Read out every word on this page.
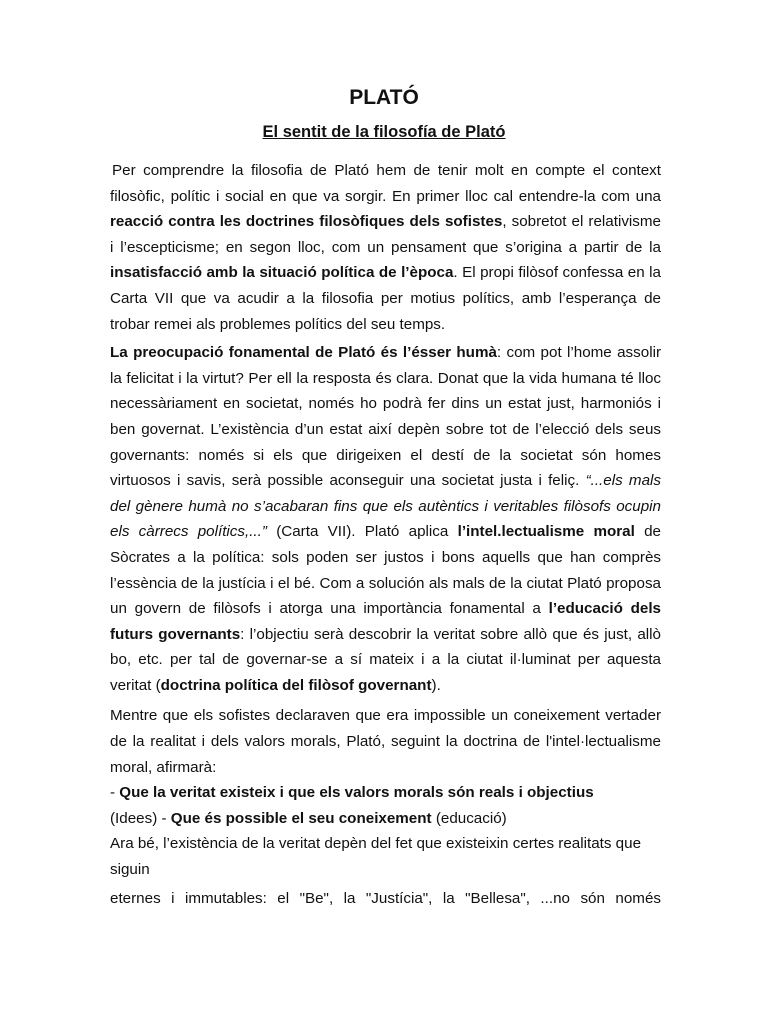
PLATÓ
El sentit de la filosofía de Plató

Per comprendre la filosofia de Plató hem de tenir molt en compte el context filosòfic, polític i social en que va sorgir. En primer lloc cal entendre-la com una reacció contra les doctrines filosòfiques dels sofistes, sobretot el relativisme i l’escepticisme; en segon lloc, com un pensament que s’origina a partir de la insatisfacció amb la situació política de l’època. El propi filòsof confessa en la Carta VII que va acudir a la filosofia per motius polítics, amb l’esperança de trobar remei als problemes polítics del seu temps.

La preocupació fonamental de Plató és l’ésser humà: com pot l’home assolir la felicitat i la virtut? Per ell la resposta és clara. Donat que la vida humana té lloc necessàriament en societat, només ho podrà fer dins un estat just, harmoniós i ben governat. L’existència d’un estat així depèn sobre tot de l’elecció dels seus governants: només si els que dirigeixen el destí de la societat són homes virtuosos i savis, serà possible aconseguir una societat justa i feliç. “...els mals del gènere humà no s’acabaran fins que els autèntics i veritables filòsofs ocupin els càrrecs polítics,...” (Carta VII). Plató aplica l’intel.lectualisme moral de Sòcrates a la política: sols poden ser justos i bons aquells que han comprès l’essència de la justícia i el bé. Com a solución als mals de la ciutat Plató proposa un govern de filòsofs i atorga una importància fonamental a l’educació dels futurs governants: l’objectiu serà descobrir la veritat sobre allò que és just, allò bo, etc. per tal de governar-se a sí mateix i a la ciutat il·luminat per aquesta veritat (doctrina política del filòsof governant).

Mentre que els sofistes declaraven que era impossible un coneixement vertader de la realitat i dels valors morals, Plató, seguint la doctrina de l'intel·lectualisme moral, afirmarà:

- Que la veritat existeix i que els valors morals són reals i objectius

(Idees) - Que és possible el seu coneixement (educació)

Ara bé, l’existència de la veritat depèn del fet que existeixin certes realitats que siguin

eternes i immutables: el "Be", la "Justícia", la "Bellesa", ...no són només
